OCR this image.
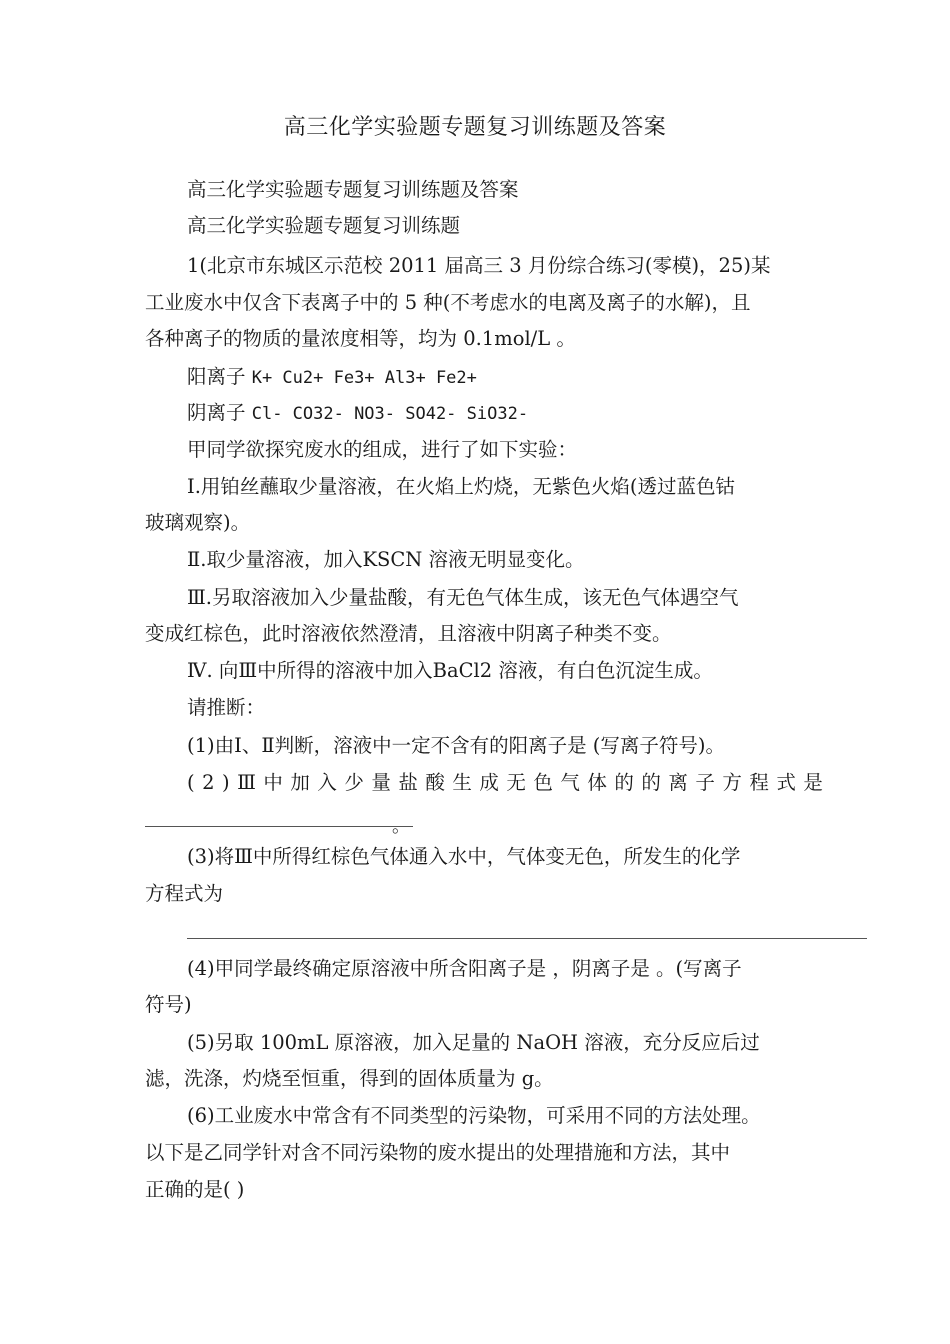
高三化学实验题专题复习训练题及答案
高三化学实验题专题复习训练题及答案
高三化学实验题专题复习训练题
1(北京市东城区示范校 2011 届高三 3 月份综合练习(零模)，25)某
工业废水中仅含下表离子中的 5 种(不考虑水的电离及离子的水解)，且
各种离子的物质的量浓度相等，均为 0.1mol/L 。
阳离子 K+ Cu2+ Fe3+ Al3+ Fe2+
阴离子 Cl- CO32- NO3- SO42- SiO32-
甲同学欲探究废水的组成，进行了如下实验：
Ⅰ.用铂丝蘸取少量溶液，在火焰上灼烧，无紫色火焰(透过蓝色钴
玻璃观察)。
Ⅱ.取少量溶液，加入KSCN 溶液无明显变化。
Ⅲ.另取溶液加入少量盐酸，有无色气体生成，该无色气体遇空气
变成红棕色，此时溶液依然澄清，且溶液中阴离子种类不变。
Ⅳ. 向Ⅲ中所得的溶液中加入BaCl2 溶液，有白色沉淀生成。
请推断：
(1)由Ⅰ、Ⅱ判断，溶液中一定不含有的阳离子是 (写离子符号)。
(2)Ⅲ中加入少量盐酸生成无色气体的的离子方程式是
。
(3)将Ⅲ中所得红棕色气体通入水中，气体变无色，所发生的化学
方程式为
(4)甲同学最终确定原溶液中所含阳离子是 ，阴离子是 。(写离子
符号)
(5)另取 100mL 原溶液，加入足量的 NaOH 溶液，充分反应后过
滤，洗涤，灼烧至恒重，得到的固体质量为 g。
(6)工业废水中常含有不同类型的污染物，可采用不同的方法处理。
以下是乙同学针对含不同污染物的废水提出的处理措施和方法，其中
正确的是( )
